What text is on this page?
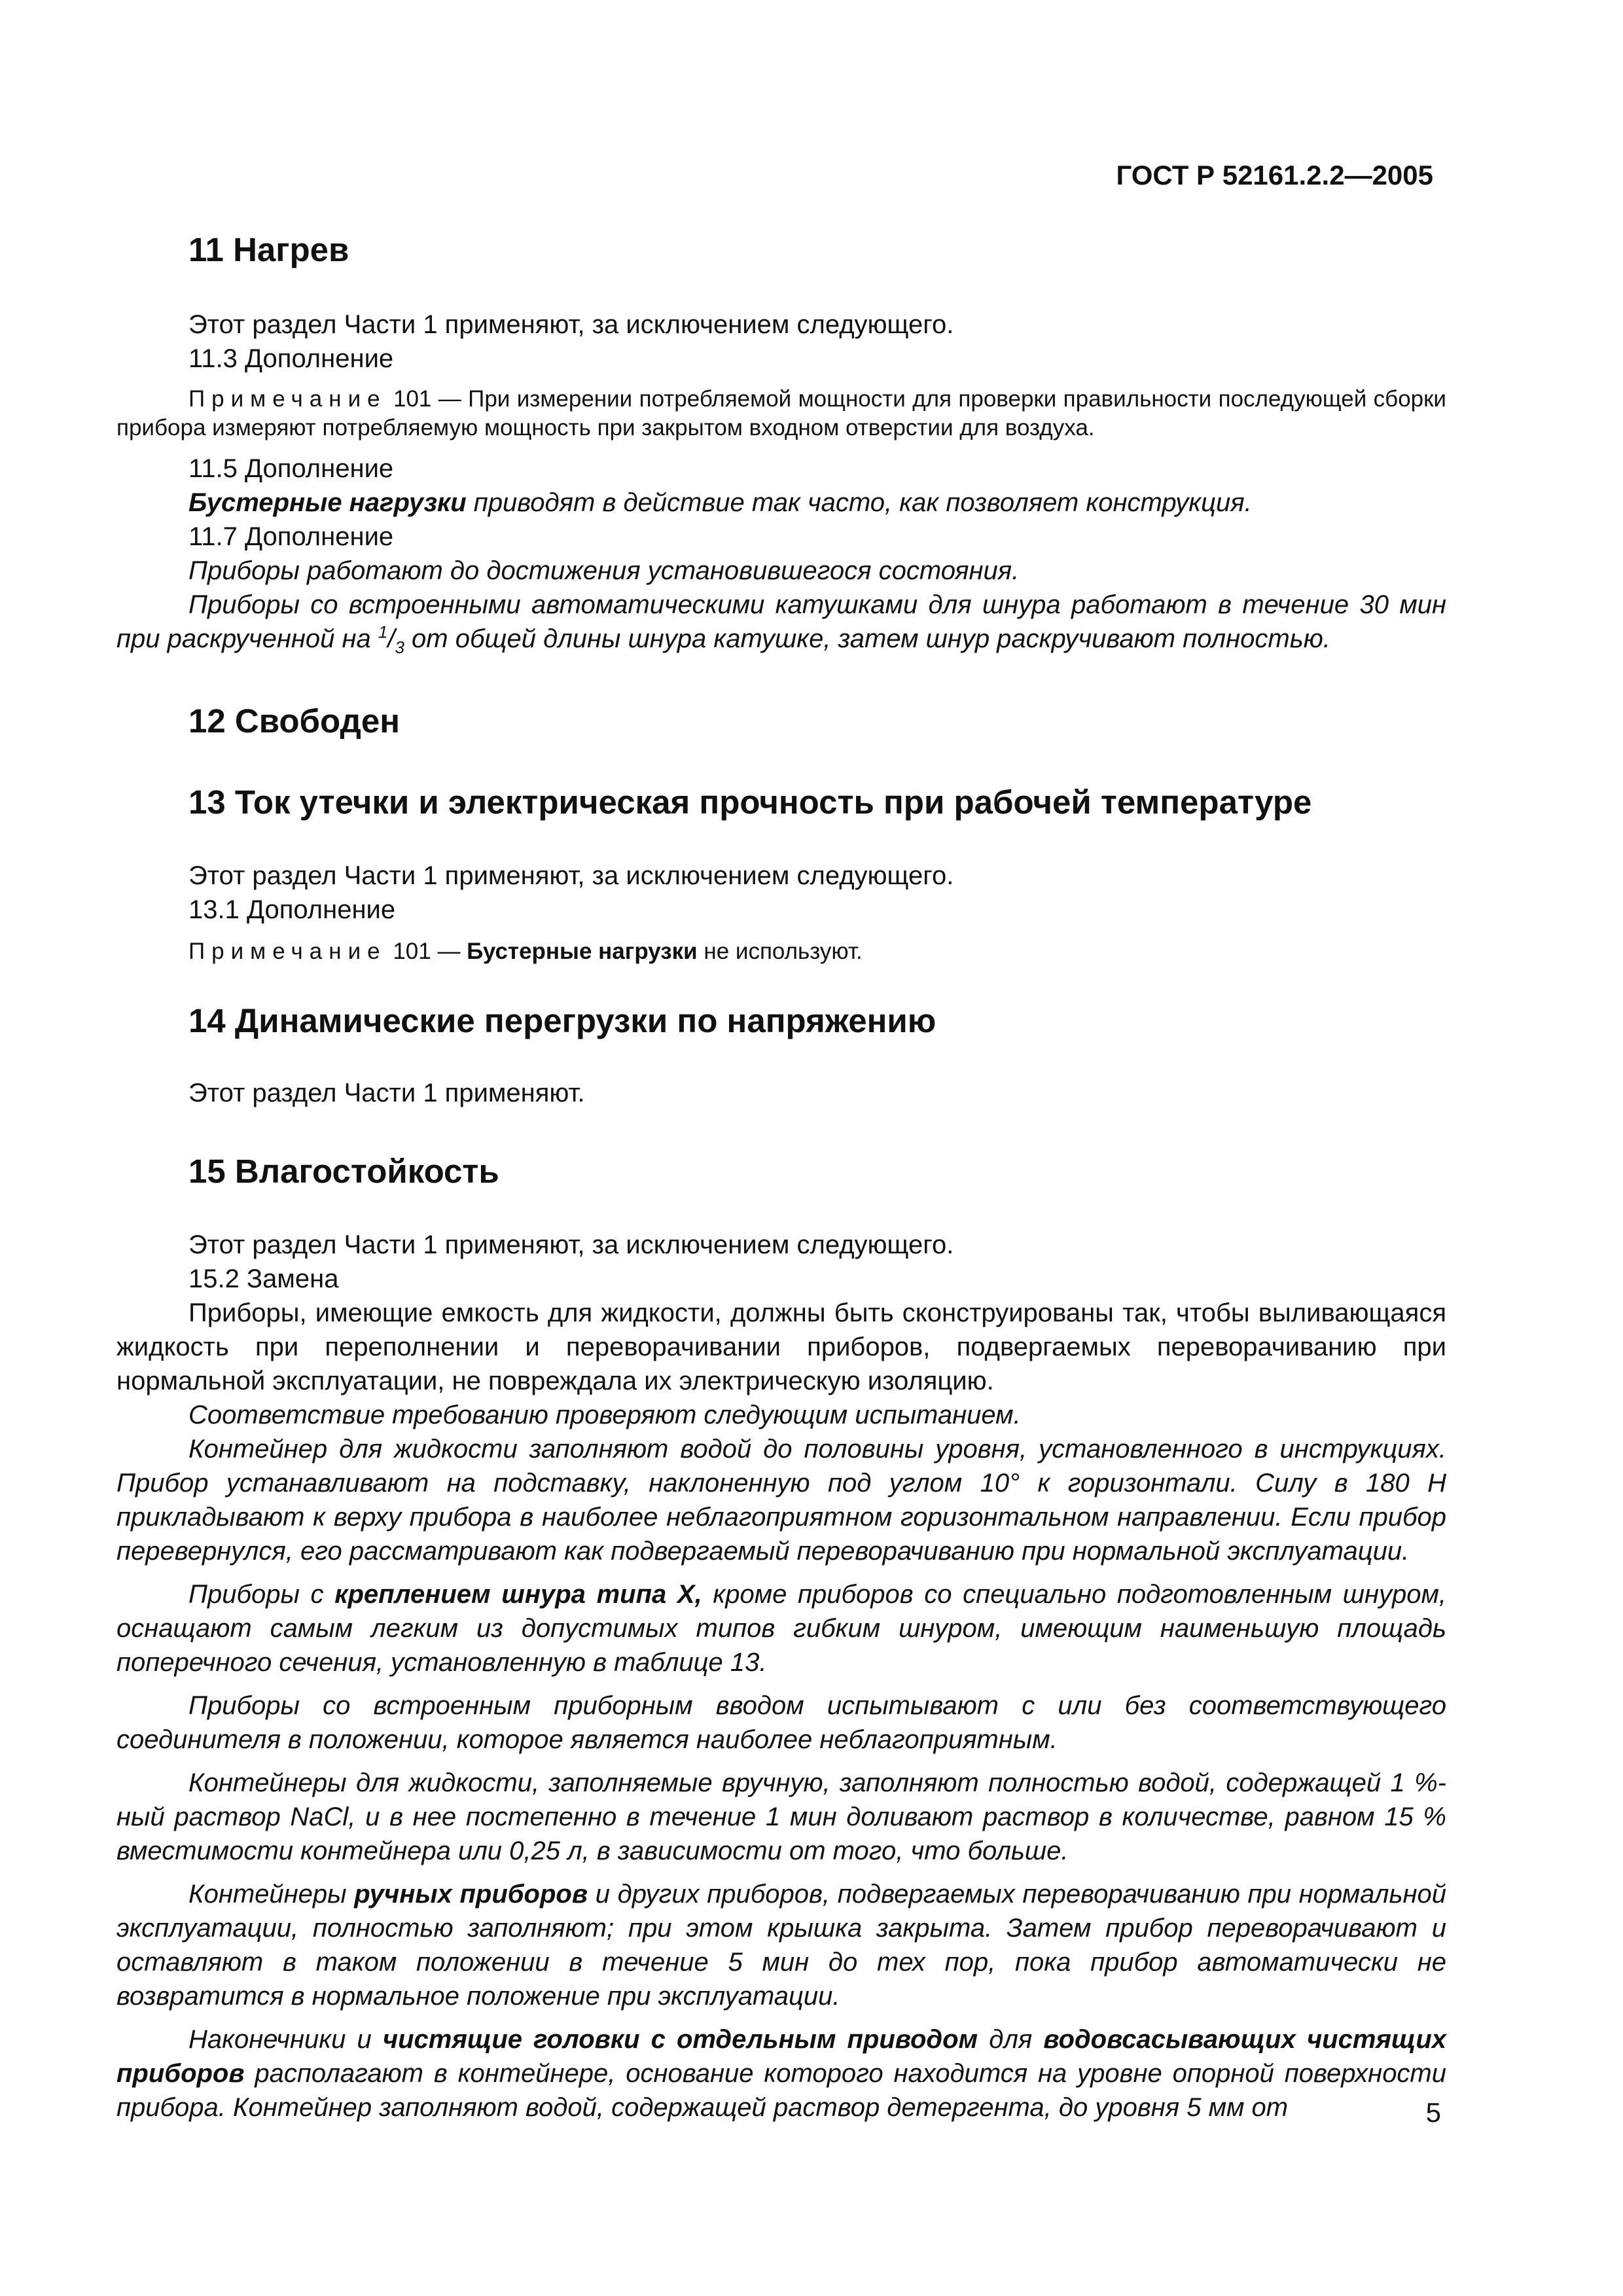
ГОСТ Р 52161.2.2—2005
11 Нагрев
Этот раздел Части 1 применяют, за исключением следующего.
11.3 Дополнение
Примечание 101 — При измерении потребляемой мощности для проверки правильности последующей сборки прибора измеряют потребляемую мощность при закрытом входном отверстии для воздуха.
11.5 Дополнение
Бустерные нагрузки приводят в действие так часто, как позволяет конструкция.
11.7 Дополнение
Приборы работают до достижения установившегося состояния.
Приборы со встроенными автоматическими катушками для шнура работают в течение 30 мин при раскрученной на $^1/_3$ от общей длины шнура катушке, затем шнур раскручивают полностью.
12 Свободен
13 Ток утечки и электрическая прочность при рабочей температуре
Этот раздел Части 1 применяют, за исключением следующего.
13.1 Дополнение
Примечание 101 — Бустерные нагрузки не используют.
14 Динамические перегрузки по напряжению
Этот раздел Части 1 применяют.
15 Влагостойкость
Этот раздел Части 1 применяют, за исключением следующего.
15.2 Замена
Приборы, имеющие емкость для жидкости, должны быть сконструированы так, чтобы выливающаяся жидкость при переполнении и переворачивании приборов, подвергаемых переворачиванию при нормальной эксплуатации, не повреждала их электрическую изоляцию.
Соответствие требованию проверяют следующим испытанием.
Контейнер для жидкости заполняют водой до половины уровня, установленного в инструкциях. Прибор устанавливают на подставку, наклоненную под углом 10° к горизонтали. Силу в 180 Н прикладывают к верху прибора в наиболее неблагоприятном горизонтальном направлении. Если прибор перевернулся, его рассматривают как подвергаемый переворачиванию при нормальной эксплуатации.
Приборы с креплением шнура типа X, кроме приборов со специально подготовленным шнуром, оснащают самым легким из допустимых типов гибким шнуром, имеющим наименьшую площадь поперечного сечения, установленную в таблице 13.
Приборы со встроенным приборным вводом испытывают с или без соответствующего соединителя в положении, которое является наиболее неблагоприятным.
Контейнеры для жидкости, заполняемые вручную, заполняют полностью водой, содержащей 1 %-ный раствор NaCl, и в нее постепенно в течение 1 мин доливают раствор в количестве, равном 15 % вместимости контейнера или 0,25 л, в зависимости от того, что больше.
Контейнеры ручных приборов и других приборов, подвергаемых переворачиванию при нормальной эксплуатации, полностью заполняют; при этом крышка закрыта. Затем прибор переворачивают и оставляют в таком положении в течение 5 мин до тех пор, пока прибор автоматически не возвратится в нормальное положение при эксплуатации.
Наконечники и чистящие головки с отдельным приводом для водовсасывающих чистящих приборов располагают в контейнере, основание которого находится на уровне опорной поверхности прибора. Контейнер заполняют водой, содержащей раствор детергента, до уровня 5 мм от	5
